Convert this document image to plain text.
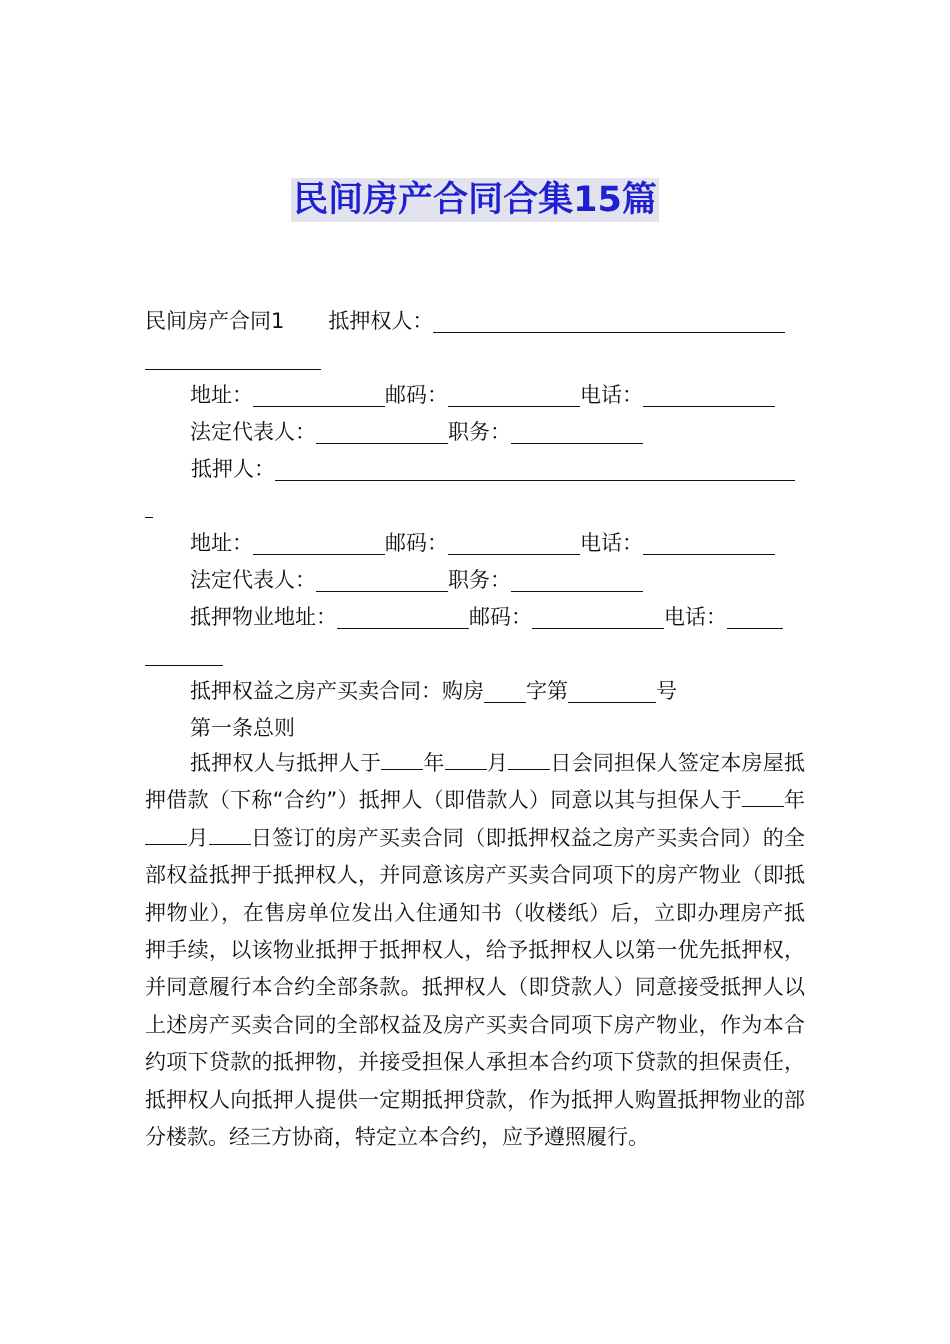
民间房产合同合集15篇
民间房产合同1 抵押权人：
地址：	邮码：	电话：
法定代表人：	职务：
抵押人：
地址：	邮码：	电话：
法定代表人：	职务：
抵押物业地址：	邮码：	电话：
抵押权益之房产买卖合同：购房 字第	号
第一条总则

抵押权人与抵押人于 年 月 日会同担保人签定本房屋抵押借款（下称“合约”）抵押人（即借款人）同意以其与担保人于 年月 日签订的房产买卖合同（即抵押权益之房产买卖合同）的全部权益抵押于抵押权人，并同意该房产买卖合同项下的房产物业（即抵押物业），在售房单位发出入住通知书（收楼纸）后，立即办理房产抵押手续，以该物业抵押于抵押权人，给予抵押权人以第一优先抵押权，并同意履行本合约全部条款。抵押权人（即贷款人）同意接受抵押人以上述房产买卖合同的全部权益及房产买卖合同项下房产物业，作为本合约项下贷款的抵押物，并接受担保人承担本合约项下贷款的担保责任，抵押权人向抵押人提供一定期抵押贷款，作为抵押人购置抵押物业的部分楼款。经三方协商，特定立本合约，应予遵照履行。
